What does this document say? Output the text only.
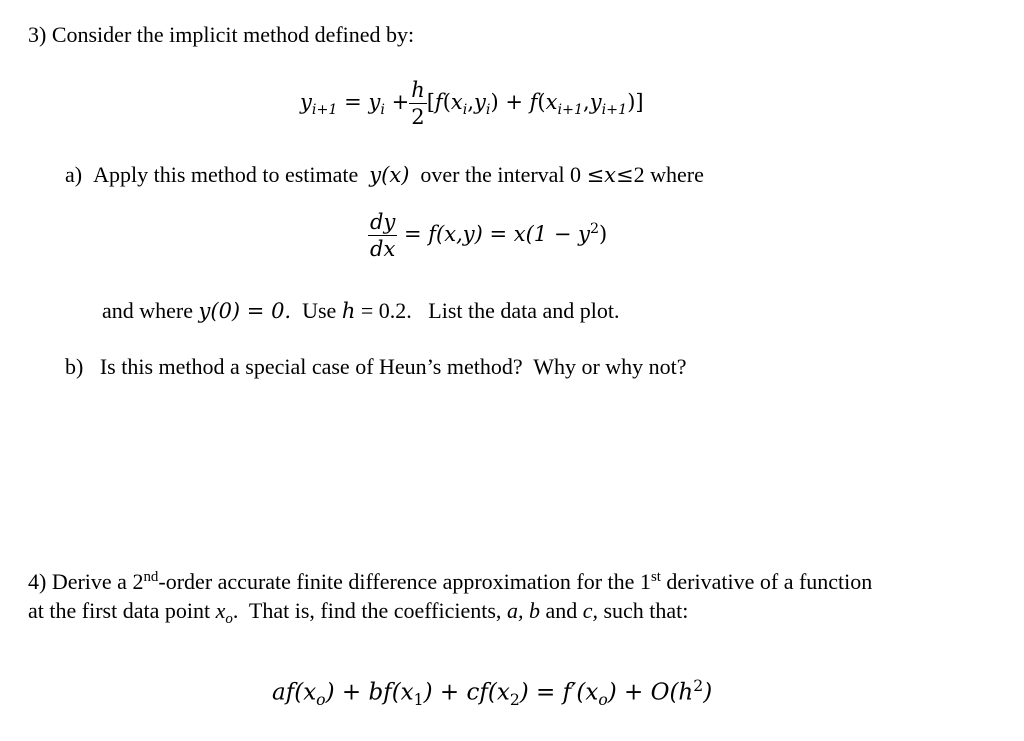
3) Consider the implicit method defined by:
$y_{i+1} = y_i + \frac{h}{2} [f(x_i,y_i) + f(x_{i+1},y_{i+1})]$
a) Apply this method to estimate y(x) over the interval 0 ≤x≤2 where
$\frac{dy}{dx} = f(x,y) = x(1 - y^2)$
and where y(0) = 0. Use h = 0.2.   List the data and plot.
b) Is this method a special case of Heun’s method?  Why or why not?
4) Derive a 2nd-order accurate finite difference approximation for the 1st derivative of a function
at the first data point $x_o$.  That is, find the coefficients, a, b and c, such that:
$af(x_o) + bf(x_1) + cf(x_2) = f'(x_o) + O(h^2)$
